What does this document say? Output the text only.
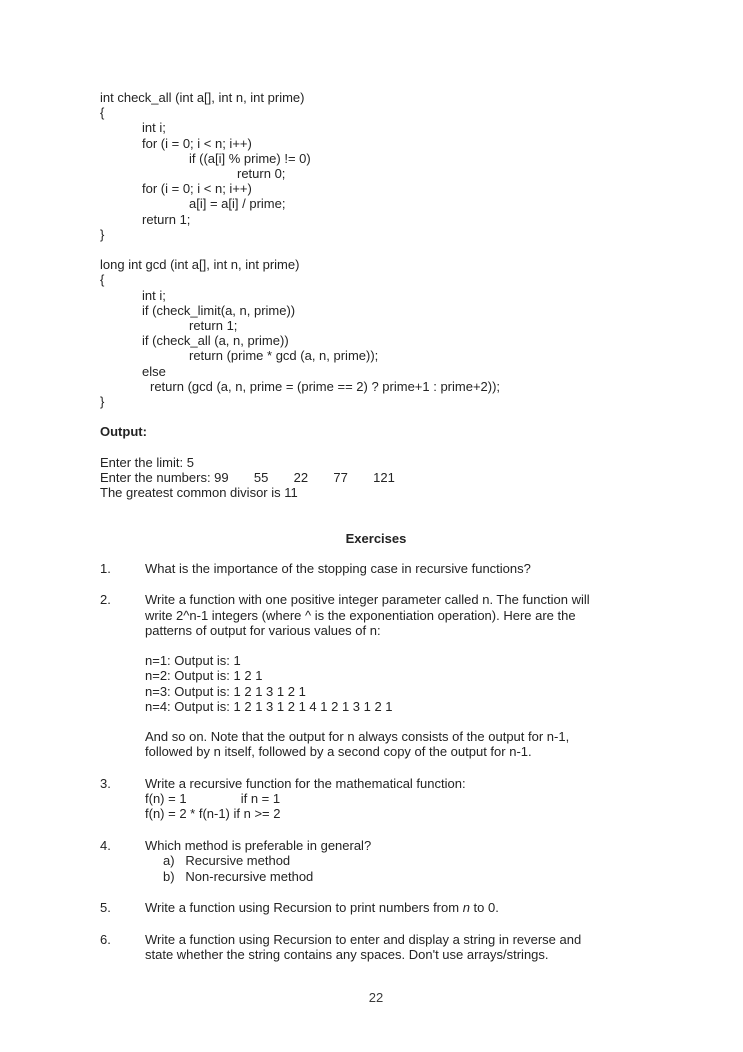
int check_all (int a[], int n, int prime)
{
int i;
for (i = 0; i < n; i++)
if ((a[i] % prime) != 0)
return 0;
for (i = 0; i < n; i++)
a[i] = a[i] / prime;
return 1;
}
long int gcd (int a[], int n, int prime)
{
int i;
if (check_limit(a, n, prime))
return 1;
if (check_all (a, n, prime))
return (prime * gcd (a, n, prime));
else
return (gcd (a, n, prime = (prime == 2) ? prime+1 : prime+2));
}
Output:
Enter the limit: 5
Enter the numbers: 99       55       22       77       121
The greatest common divisor is 11
Exercises
1.	What is the importance of the stopping case in recursive functions?
2.	Write a function with one positive integer parameter called n. The function will
write 2^n-1 integers (where ^ is the exponentiation operation). Here are the
patterns of output for various values of n:

n=1: Output is: 1
n=2: Output is: 1 2 1
n=3: Output is: 1 2 1 3 1 2 1
n=4: Output is: 1 2 1 3 1 2 1 4 1 2 1 3 1 2 1

And so on. Note that the output for n always consists of the output for n-1,
followed by n itself, followed by a second copy of the output for n-1.
3.	Write a recursive function for the mathematical function:
f(n) = 1               if n = 1
f(n) = 2 * f(n-1) if n >= 2
4.	Which method is preferable in general?
a)   Recursive method
b)   Non-recursive method
5.	Write a function using Recursion to print numbers from n to 0.
6.	Write a function using Recursion to enter and display a string in reverse and
state whether the string contains any spaces. Don't use arrays/strings.
22
